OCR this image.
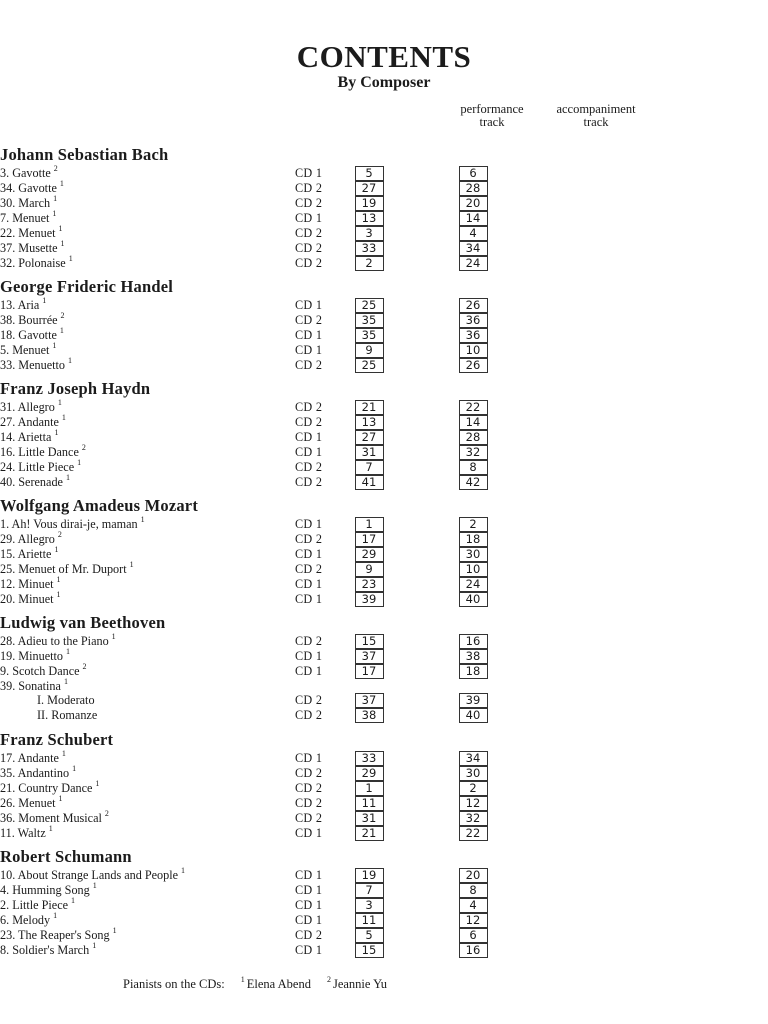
CONTENTS
By Composer
performance
track
accompaniment
track
Johann Sebastian Bach
3. Gavotte $^2$	CD 1	5	6
34. Gavotte $^1$	CD 2	27	28
30. March $^1$	CD 2	19	20
7. Menuet $^1$	CD 1	13	14
22. Menuet $^1$	CD 2	3	4
37. Musette $^1$	CD 2	33	34
32. Polonaise $^1$	CD 2	2	24
George Frideric Handel
13. Aria $^1$	CD 1	25	26
38. Bourrée $^2$	CD 2	35	36
18. Gavotte $^1$	CD 1	35	36
5. Menuet $^1$	CD 1	9	10
33. Menuetto $^1$	CD 2	25	26
Franz Joseph Haydn
31. Allegro $^1$	CD 2	21	22
27. Andante $^1$	CD 2	13	14
14. Arietta $^1$	CD 1	27	28
16. Little Dance $^2$	CD 1	31	32
24. Little Piece $^1$	CD 2	7	8
40. Serenade $^1$	CD 2	41	42
Wolfgang Amadeus Mozart
1. Ah! Vous dirai-je, maman $^1$	CD 1	1	2
29. Allegro $^2$	CD 2	17	18
15. Ariette $^1$	CD 1	29	30
25. Menuet of Mr. Duport $^1$	CD 2	9	10
12. Minuet $^1$	CD 1	23	24
20. Minuet $^1$	CD 1	39	40
Ludwig van Beethoven
28. Adieu to the Piano $^1$	CD 2	15	16
19. Minuetto $^1$	CD 1	37	38
9. Scotch Dance $^2$	CD 1	17	18
39. Sonatina $^1$
I. Moderato	CD 2	37	39
II. Romanze	CD 2	38	40
Franz Schubert
17. Andante $^1$	CD 1	33	34
35. Andantino $^1$	CD 2	29	30
21. Country Dance $^1$	CD 2	1	2
26. Menuet $^1$	CD 2	11	12
36. Moment Musical $^2$	CD 2	31	32
11. Waltz $^1$	CD 1	21	22
Robert Schumann
10. About Strange Lands and People $^1$	CD 1	19	20
4. Humming Song $^1$	CD 1	7	8
2. Little Piece $^1$	CD 1	3	4
6. Melody $^1$	CD 1	11	12
23. The Reaper's Song $^1$	CD 2	5	6
8. Soldier's March $^1$	CD 1	15	16
Pianists on the CDs: $^1$ Elena Abend $^2$ Jeannie Yu
